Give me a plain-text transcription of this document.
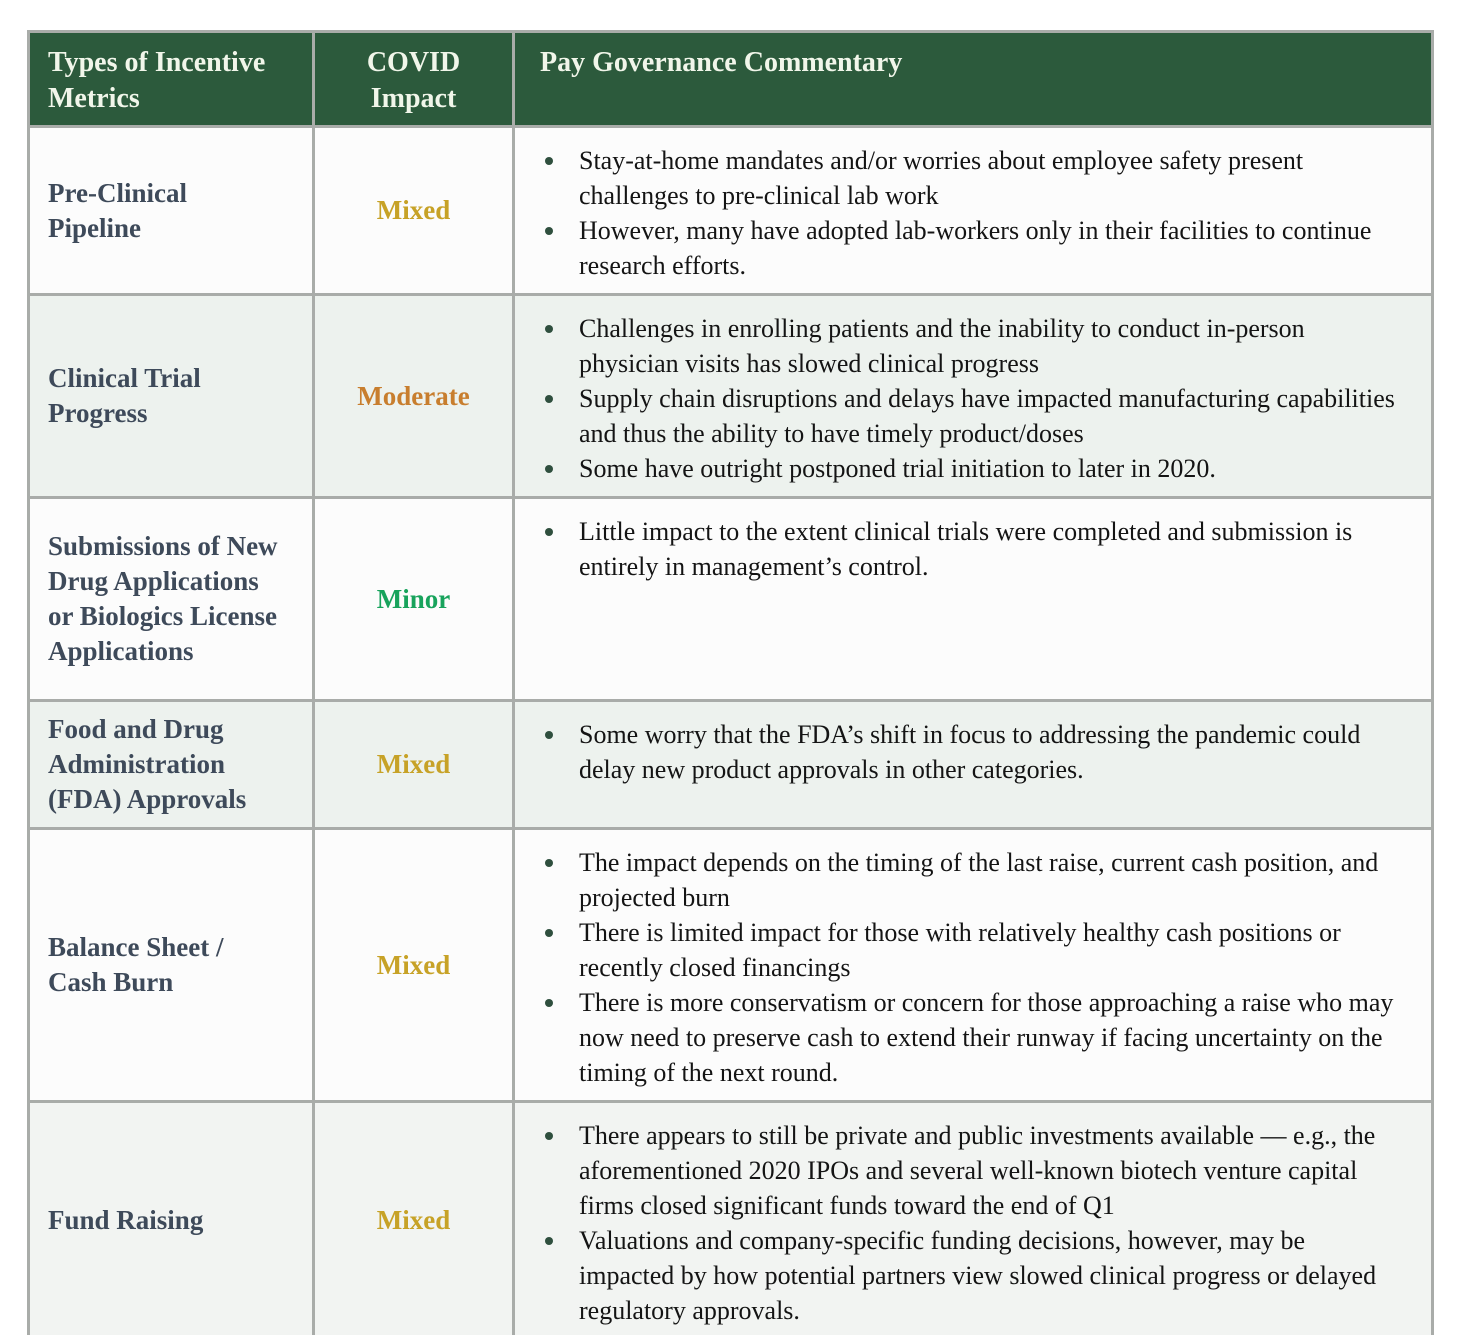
Types of Incentive Metrics
COVID Impact
Pay Governance Commentary
Pre-Clinical Pipeline
Mixed
Stay-at-home mandates and/or worries about employee safety present challenges to pre-clinical lab work
However, many have adopted lab-workers only in their facilities to continue research efforts.
Clinical Trial Progress
Moderate
Challenges in enrolling patients and the inability to conduct in-person physician visits has slowed clinical progress
Supply chain disruptions and delays have impacted manufacturing capabilities and thus the ability to have timely product/doses
Some have outright postponed trial initiation to later in 2020.
Submissions of New Drug Applications or Biologics License Applications
Minor
Little impact to the extent clinical trials were completed and submission is entirely in management’s control.
Food and Drug Administration (FDA) Approvals
Mixed
Some worry that the FDA’s shift in focus to addressing the pandemic could delay new product approvals in other categories.
Balance Sheet / Cash Burn
Mixed
The impact depends on the timing of the last raise, current cash position, and projected burn
There is limited impact for those with relatively healthy cash positions or recently closed financings
There is more conservatism or concern for those approaching a raise who may now need to preserve cash to extend their runway if facing uncertainty on the timing of the next round.
Fund Raising	Mixed
There appears to still be private and public investments available — e.g., the aforementioned 2020 IPOs and several well-known biotech venture capital firms closed significant funds toward the end of Q1
Valuations and company-specific funding decisions, however, may be impacted by how potential partners view slowed clinical progress or delayed regulatory approvals.
